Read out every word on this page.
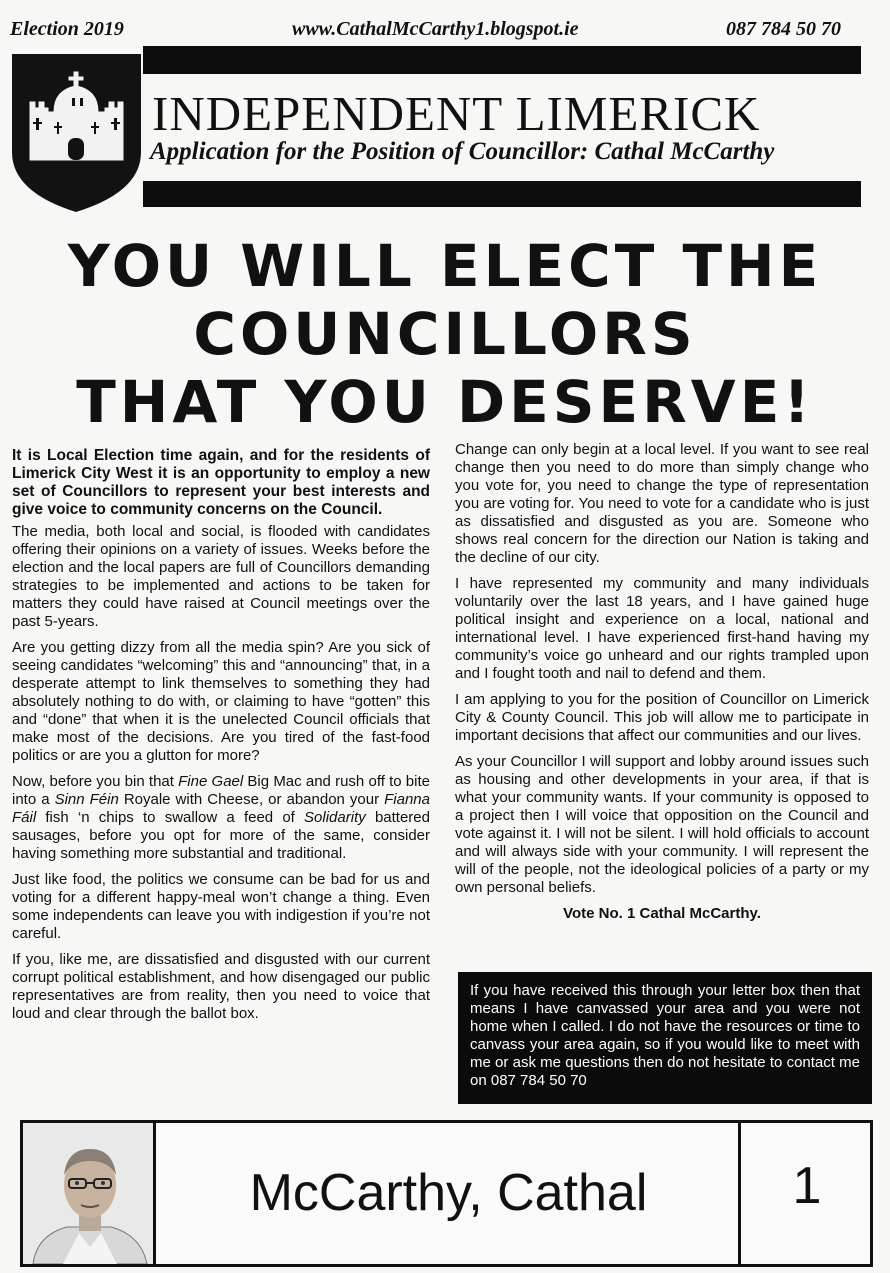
Election 2019	www.CathalMcCarthy1.blogspot.ie	087 784 50 70
INDEPENDENT LIMERICK
Application for the Position of Councillor: Cathal McCarthy
YOU WILL ELECT THE
COUNCILLORS
THAT YOU DESERVE!

It is Local Election time again, and for the residents of Limerick City West it is an opportunity to employ a new set of Councillors to represent your best interests and give voice to community concerns on the Council.

The media, both local and social, is flooded with candidates offering their opinions on a variety of issues. Weeks before the election and the local papers are full of Councillors demanding strategies to be implemented and actions to be taken for matters they could have raised at Council meetings over the past 5-years.

Are you getting dizzy from all the media spin? Are you sick of seeing candidates “welcoming” this and “announcing” that, in a desperate attempt to link themselves to something they had absolutely nothing to do with, or claiming to have “gotten” this and “done” that when it is the unelected Council officials that make most of the decisions. Are you tired of the fast-food politics or are you a glutton for more?

Now, before you bin that Fine Gael Big Mac and rush off to bite into a Sinn Féin Royale with Cheese, or abandon your Fianna Fáil fish ‘n chips to swallow a feed of Solidarity battered sausages, before you opt for more of the same, consider having something more substantial and traditional.

Just like food, the politics we consume can be bad for us and voting for a different happy-meal won’t change a thing. Even some independents can leave you with indigestion if you’re not careful.

If you, like me, are dissatisfied and disgusted with our current corrupt political establishment, and how disengaged our public representatives are from reality, then you need to voice that loud and clear through the ballot box.

Change can only begin at a local level. If you want to see real change then you need to do more than simply change who you vote for, you need to change the type of representation you are voting for. You need to vote for a candidate who is just as dissatisfied and disgusted as you are. Someone who shows real concern for the direction our Nation is taking and the decline of our city.

I have represented my community and many individuals voluntarily over the last 18 years, and I have gained huge political insight and experience on a local, national and international level. I have experienced first-hand having my community’s voice go unheard and our rights trampled upon and I fought tooth and nail to defend and them.

I am applying to you for the position of Councillor on Limerick City & County Council. This job will allow me to participate in important decisions that affect our communities and our lives.

As your Councillor I will support and lobby around issues such as housing and other developments in your area, if that is what your community wants. If your community is opposed to a project then I will voice that opposition on the Council and vote against it. I will not be silent. I will hold officials to account and will always side with your community. I will represent the will of the people, not the ideological policies of a party or my own personal beliefs.

Vote No. 1 Cathal McCarthy.

If you have received this through your letter box then that means I have canvassed your area and you were not home when I called. I do not have the resources or time to canvass your area again, so if you would like to meet with me or ask me questions then do not hesitate to contact me on 087 784 50 70
McCarthy, Cathal	1
